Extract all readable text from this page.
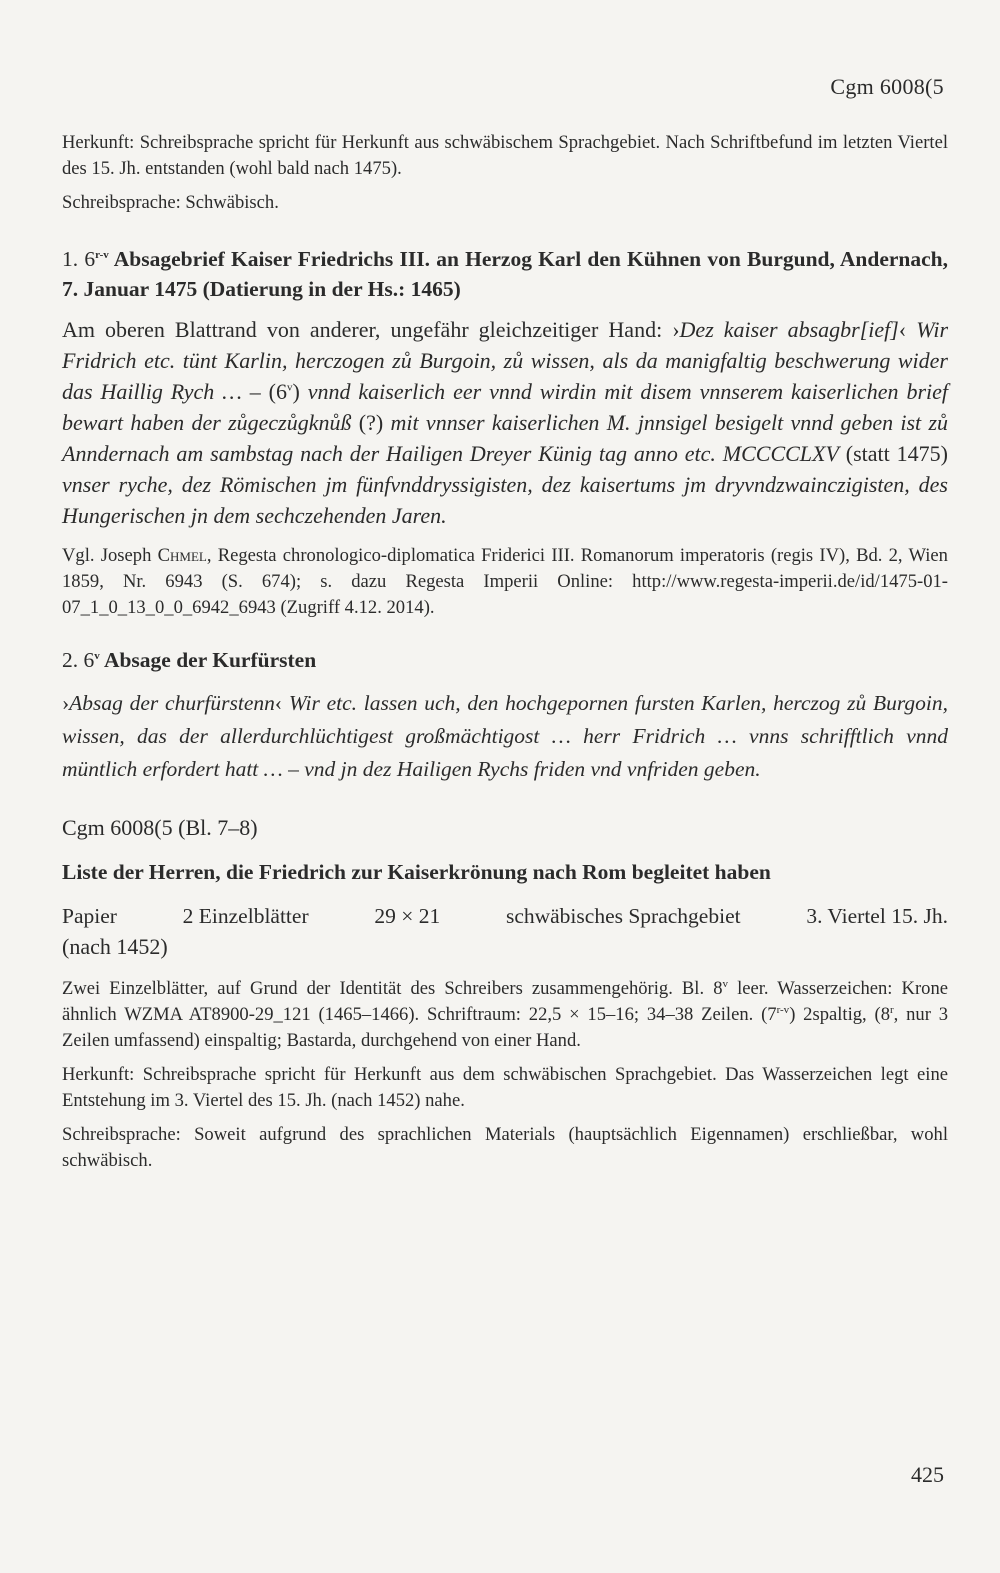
Cgm 6008(5

Herkunft: Schreibsprache spricht für Herkunft aus schwäbischem Sprachgebiet. Nach Schriftbefund im letzten Viertel des 15. Jh. entstanden (wohl bald nach 1475).

Schreibsprache: Schwäbisch.

1. 6$^{r-v}$ Absagebrief Kaiser Friedrichs III. an Herzog Karl den Kühnen von Burgund, Andernach, 7. Januar 1475 (Datierung in der Hs.: 1465)

Am oberen Blattrand von anderer, ungefähr gleichzeitiger Hand: ›Dez kaiser absagbr[ief]‹ Wir Fridrich etc. tünt Karlin, herczogen zů Burgoin, zů wissen, als da manigfaltig beschwerung wider das Haillig Rych … – (6$^v$) vnnd kaiserlich eer vnnd wirdin mit disem vnnserem kaiserlichen brief bewart haben der zůgeczůgknůß (?) mit vnnser kaiserlichen M. jnnsigel besigelt vnnd geben ist zů Anndernach am sambstag nach der Hailigen Dreyer Künig tag anno etc. MCCCCLXV (statt 1475) vnser ryche, dez Römischen jm fünfvnddryssigisten, dez kaisertums jm dryvndzwainczigisten, des Hungerischen jn dem sechczehenden Jaren.

Vgl. Joseph Chmel, Regesta chronologico-diplomatica Friderici III. Romanorum imperatoris (regis IV), Bd. 2, Wien 1859, Nr. 6943 (S. 674); s. dazu Regesta Imperii Online: http://www.regesta-imperii.de/id/1475-01-07_1_0_13_0_0_6942_6943 (Zugriff 4.12. 2014).

2. 6$^v$ Absage der Kurfürsten

›Absag der churfürstenn‹ Wir etc. lassen uch, den hochgepornen fursten Karlen, herczog zů Burgoin, wissen, das der allerdurchlüchtigest großmächtigost … herr Fridrich … vnns schrifftlich vnnd müntlich erfordert hatt … – vnd jn dez Hailigen Rychs friden vnd vnfriden geben.

Cgm 6008(5 (Bl. 7–8)

Liste der Herren, die Friedrich zur Kaiserkrönung nach Rom begleitet haben

Papier	2 Einzelblätter	29 × 21	schwäbisches Sprachgebiet	3. Viertel 15. Jh.

(nach 1452)

Zwei Einzelblätter, auf Grund der Identität des Schreibers zusammengehörig. Bl. 8$^v$ leer. Wasserzeichen: Krone ähnlich WZMA AT8900-29_121 (1465–1466). Schriftraum: 22,5 × 15–16; 34–38 Zeilen. (7$^{r-v}$) 2spaltig, (8$^r$, nur 3 Zeilen umfassend) einspaltig; Bastarda, durchgehend von einer Hand.

Herkunft: Schreibsprache spricht für Herkunft aus dem schwäbischen Sprachgebiet. Das Wasserzeichen legt eine Entstehung im 3. Viertel des 15. Jh. (nach 1452) nahe.

Schreibsprache: Soweit aufgrund des sprachlichen Materials (hauptsächlich Eigennamen) erschließbar, wohl schwäbisch.

425
